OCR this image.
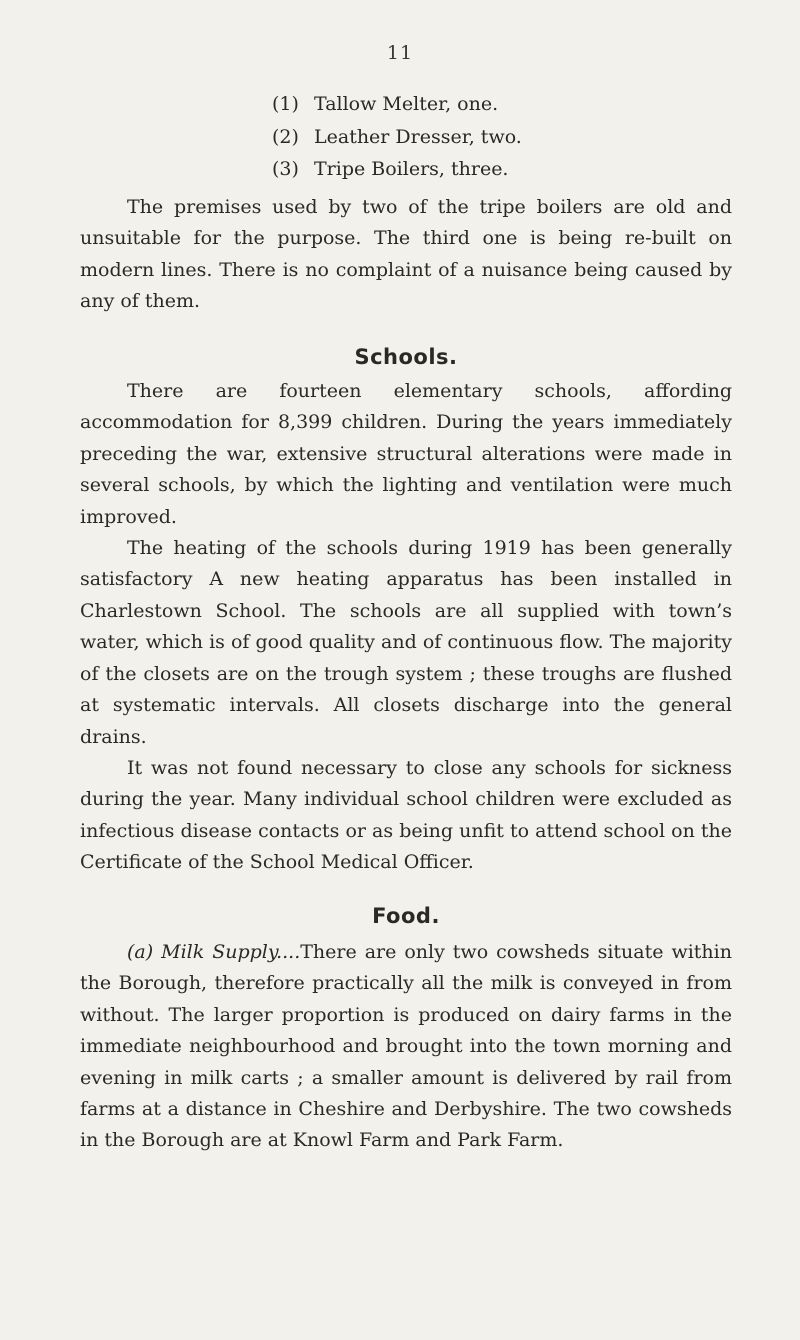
11
(1) Tallow Melter, one.
(2) Leather Dresser, two.
(3) Tripe Boilers, three.

The premises used by two of the tripe boilers are old and unsuitable for the purpose. The third one is being re-built on modern lines. There is no complaint of a nuisance being caused by any of them.

Schools.

There are fourteen elementary schools, affording accommodation for 8,399 children. During the years immediately preceding the war, extensive structural alterations were made in several schools, by which the lighting and ventilation were much improved.

The heating of the schools during 1919 has been generally satisfactory A new heating apparatus has been installed in Charlestown School. The schools are all supplied with town’s water, which is of good quality and of continuous flow. The majority of the closets are on the trough system ; these troughs are flushed at systematic intervals. All closets discharge into the general drains.

It was not found necessary to close any schools for sickness during the year. Many individual school children were excluded as infectious disease contacts or as being unfit to attend school on the Certificate of the School Medical Officer.

Food.

(a) Milk Supply....There are only two cowsheds situate within the Borough, therefore practically all the milk is conveyed in from without. The larger proportion is produced on dairy farms in the immediate neighbourhood and brought into the town morning and evening in milk carts ; a smaller amount is delivered by rail from farms at a distance in Cheshire and Derbyshire. The two cowsheds in the Borough are at Knowl Farm and Park Farm.
